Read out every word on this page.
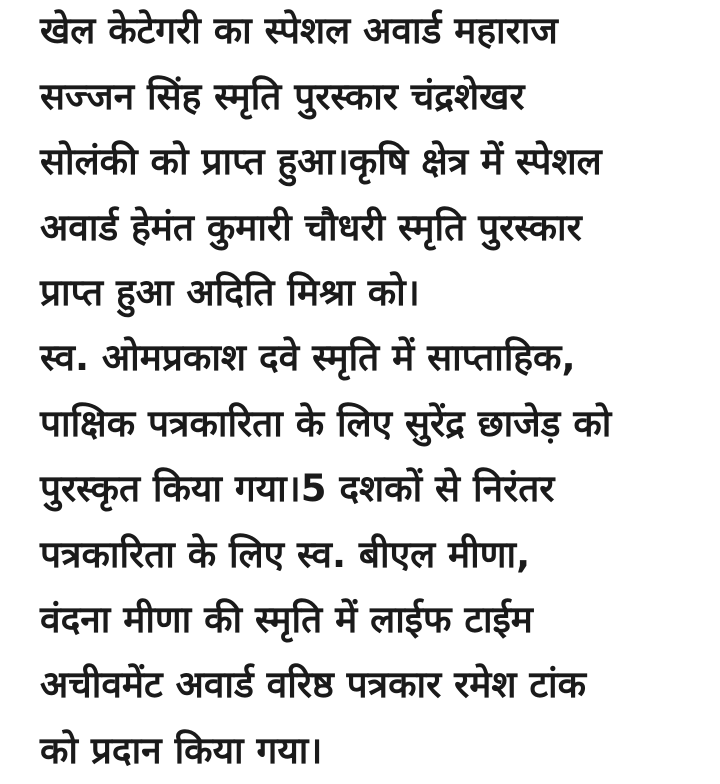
खेल केटेगरी का स्पेशल अवार्ड महाराज
सज्जन सिंह स्मृति पुरस्कार चंद्रशेखर
सोलंकी को प्राप्त हुआ।कृषि क्षेत्र में स्पेशल
अवार्ड हेमंत कुमारी चौधरी स्मृति पुरस्कार
प्राप्त हुआ अदिति मिश्रा को।
स्व. ओमप्रकाश दवे स्मृति में साप्ताहिक,
पाक्षिक पत्रकारिता के लिए सुरेंद्र छाजेड़ को
पुरस्कृत किया गया।5 दशकों से निरंतर
पत्रकारिता के लिए स्व. बीएल मीणा,
वंदना मीणा की स्मृति में लाईफ टाईम
अचीवमेंट अवार्ड वरिष्ठ पत्रकार रमेश टांक
को प्रदान किया गया।
